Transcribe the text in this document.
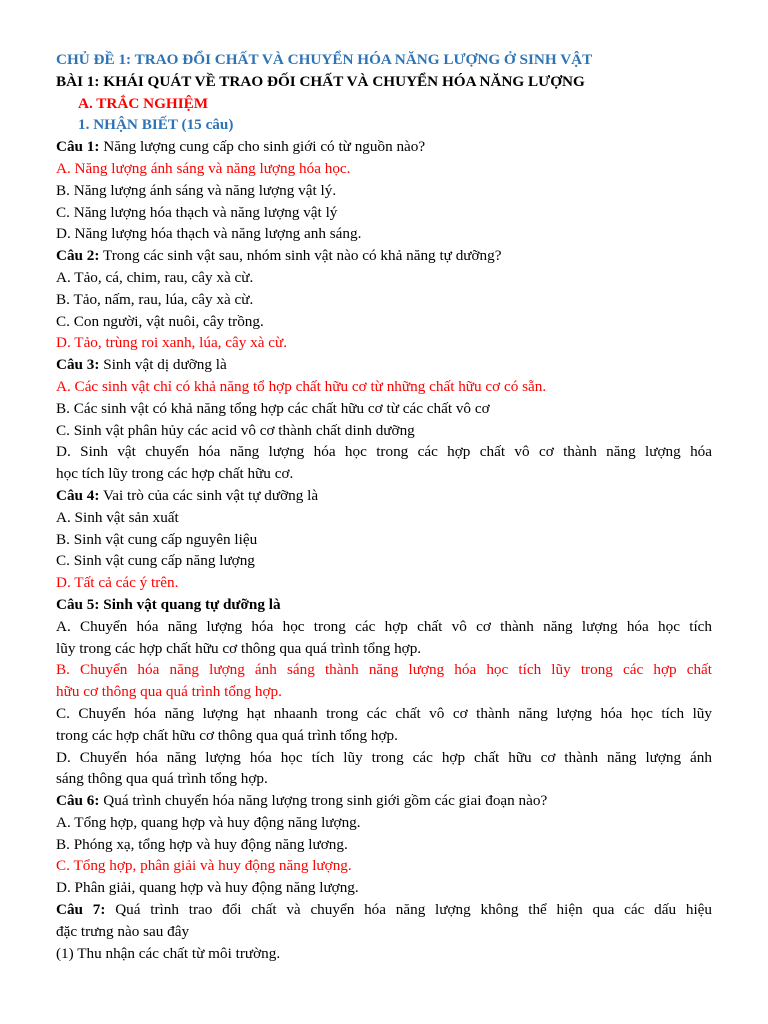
CHỦ ĐỀ 1: TRAO ĐỔI CHẤT VÀ CHUYỂN HÓA NĂNG LƯỢNG Ở SINH VẬT
BÀI 1: KHÁI QUÁT VỀ TRAO ĐỐI CHẤT VÀ CHUYỂN HÓA NĂNG LƯỢNG
A. TRẮC NGHIỆM
1. NHẬN BIẾT (15 câu)
Câu 1: Năng lượng cung cấp cho sinh giới có từ nguồn nào?
A. Năng lượng ánh sáng và năng lượng hóa học.
B. Năng lượng ánh sáng và năng lượng vật lý.
C. Năng lượng hóa thạch và năng lượng vật lý
D. Năng lượng hóa thạch và năng lượng anh sáng.
Câu 2: Trong các sinh vật sau, nhóm sinh vật nào có khả năng tự dưỡng?
A. Tảo, cá, chim, rau, cây xà cừ.
B. Tảo, nấm, rau, lúa, cây xà cừ.
C. Con người, vật nuôi, cây trồng.
D. Tảo, trùng roi xanh, lúa, cây xà cừ.
Câu 3: Sinh vật dị dưỡng là
A. Các sinh vật chỉ có khả năng tổ hợp chất hữu cơ từ những chất hữu cơ có sẵn.
B. Các sinh vật có khả năng tổng hợp các chất hữu cơ từ các chất vô cơ
C. Sinh vật phân hủy các acid vô cơ thành chất dinh dưỡng
D. Sinh vật chuyển hóa năng lượng hóa học trong các hợp chất vô cơ thành năng lượng hóa
học tích lũy trong các hợp chất hữu cơ.
Câu 4: Vai trò của các sinh vật tự dưỡng là
A. Sinh vật sản xuất
B. Sinh vật cung cấp nguyên liệu
C. Sinh vật cung cấp năng lượng
D. Tất cả các ý trên.
Câu 5: Sinh vật quang tự dưỡng là
A. Chuyển hóa năng lượng hóa học trong các hợp chất vô cơ thành năng lượng hóa học tích
lũy trong các hợp chất hữu cơ thông qua quá trình tổng hợp.
B. Chuyển hóa năng lượng ánh sáng thành năng lượng hóa học tích lũy trong các hợp chất
hữu cơ thông qua quá trình tổng hợp.
C. Chuyển hóa năng lượng hạt nhaanh trong các chất vô cơ thành năng lượng hóa học tích lũy
trong các hợp chất hữu cơ thông qua quá trình tổng hợp.
D. Chuyển hóa năng lượng hóa học tích lũy trong các hợp chất hữu cơ thành năng lượng ánh
sáng thông qua quá trình tổng hợp.
Câu 6: Quá trình chuyển hóa năng lượng trong sinh giới gồm các giai đoạn nào?
A. Tổng hợp, quang hợp và huy động năng lượng.
B. Phóng xạ, tổng hợp và huy động năng lương.
C. Tổng hợp, phân giải và huy động năng lượng.
D. Phân giải, quang hợp và huy động năng lượng.
Câu 7: Quá trình trao đổi chất và chuyển hóa năng lượng không thể hiện qua các dấu hiệu
đặc trưng nào sau đây
(1) Thu nhận các chất từ môi trường.
